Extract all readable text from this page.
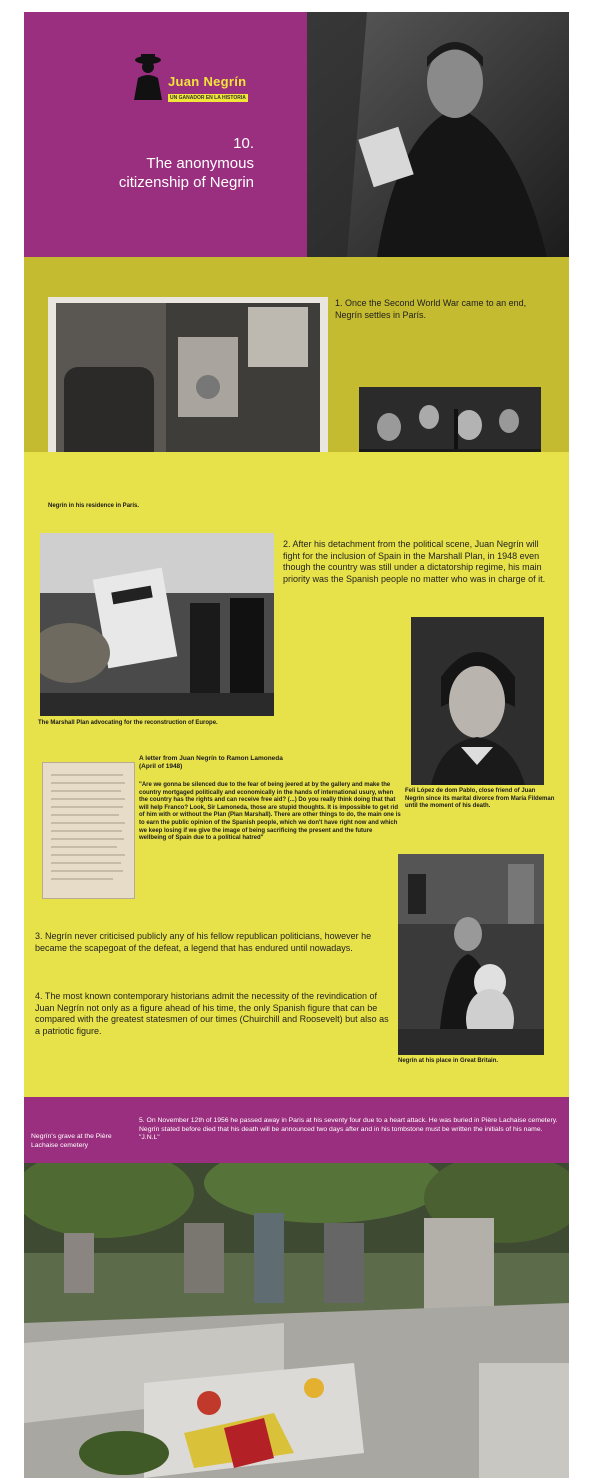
Juan Negrín
UN GANADOR EN LA HISTORIA
10.
The anonymous
citizenship of Negrin
1. Once the Second World War came to an end, Negrín settles in París.
Negrín in his residence in París.
2. After his detachment from the political scene, Juan Negrín will fight for the inclusion of Spain in the Marshall Plan, in 1948 even though the country was still under a dictatorship regime, his main priority was the Spanish people no matter who was in charge of it.
The Marshall Plan advocating for the reconstruction of Europe.
Feli López de dom Pablo, close friend of Juan Negrín since its marital divorce from María Fildeman until the moment of his death.
A letter from Juan Negrín to Ramon Lamoneda (April of 1948)
"Are we gonna be silenced due to the fear of being jeered at by the gallery and make the country mortgaged politically and economically in the hands of international usury, when the country has the rights and can receive free aid? (...) Do you really think doing that that will help Franco? Look, Sir Lamoneda, those are stupid thoughts. It is impossible to get rid of him with or without the Plan (Plan Marshall). There are other things to do, the main one is to earn the public opinion of the Spanish people, which we don't have right now and which we keep losing if we give the image of being sacrificing the present and the future wellbeing of Spain due to a political hatred"
3. Negrín never criticised publicly any of his fellow republican politicians, however he became the scapegoat of the defeat, a legend that has endured until nowadays.
4. The most known contemporary historians admit the necessity of the revindication of Juan Negrín not only as a figure ahead of his time, the only Spanish figure that can be compared with the greatest statesmen of our times (Chuirchill and Roosevelt) but also as a patriotic figure.
Negrín at his place in Great Britain.
Negrín's grave at the Pière Lachaise cemetery
5. On November 12th of 1956 he passed away in Paris at his seventy four due to a heart attack. He was buried in Pière Lachaise cemetery. Negrín stated before died that his death will be announced two days after and in his tombstone must be written the initials of his name. "J.N.L"
